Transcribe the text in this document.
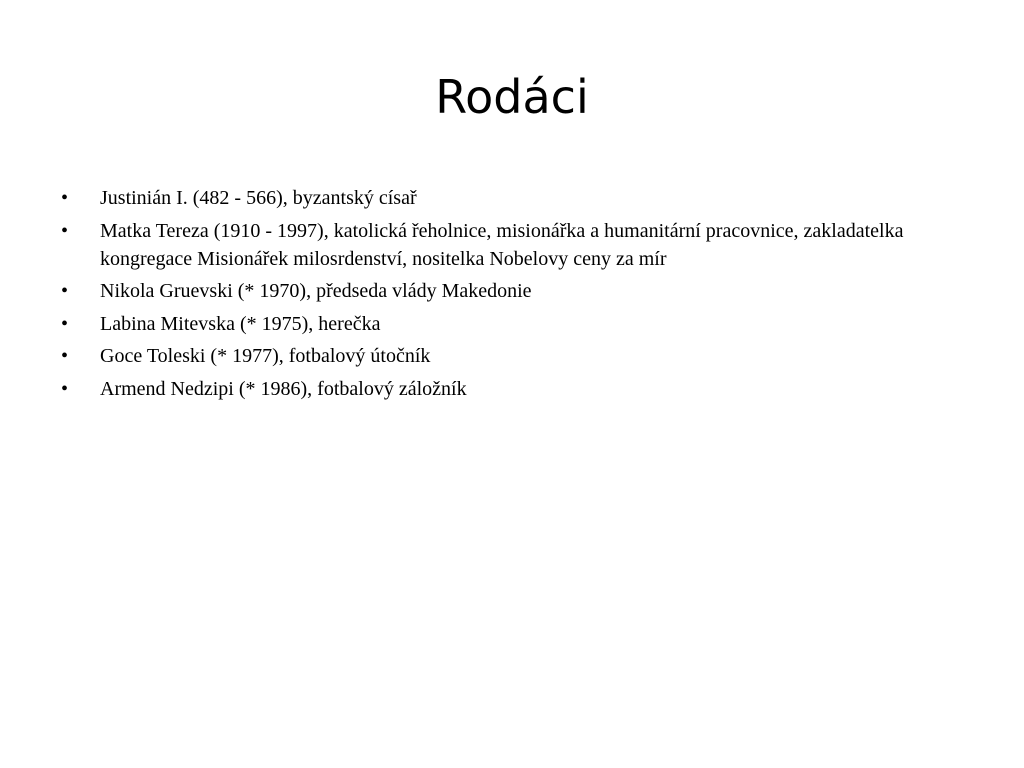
Rodáci
•	Justinián I. (482 - 566), byzantský císař
•	Matka Tereza (1910 - 1997), katolická řeholnice, misionářka a humanitární pracovnice, zakladatelka kongregace Misionářek milosrdenství, nositelka Nobelovy ceny za mír
•	Nikola Gruevski (* 1970), předseda vlády Makedonie
•	Labina Mitevska (* 1975), herečka
•	Goce Toleski (* 1977), fotbalový útočník
•	Armend Nedzipi (* 1986), fotbalový záložník
